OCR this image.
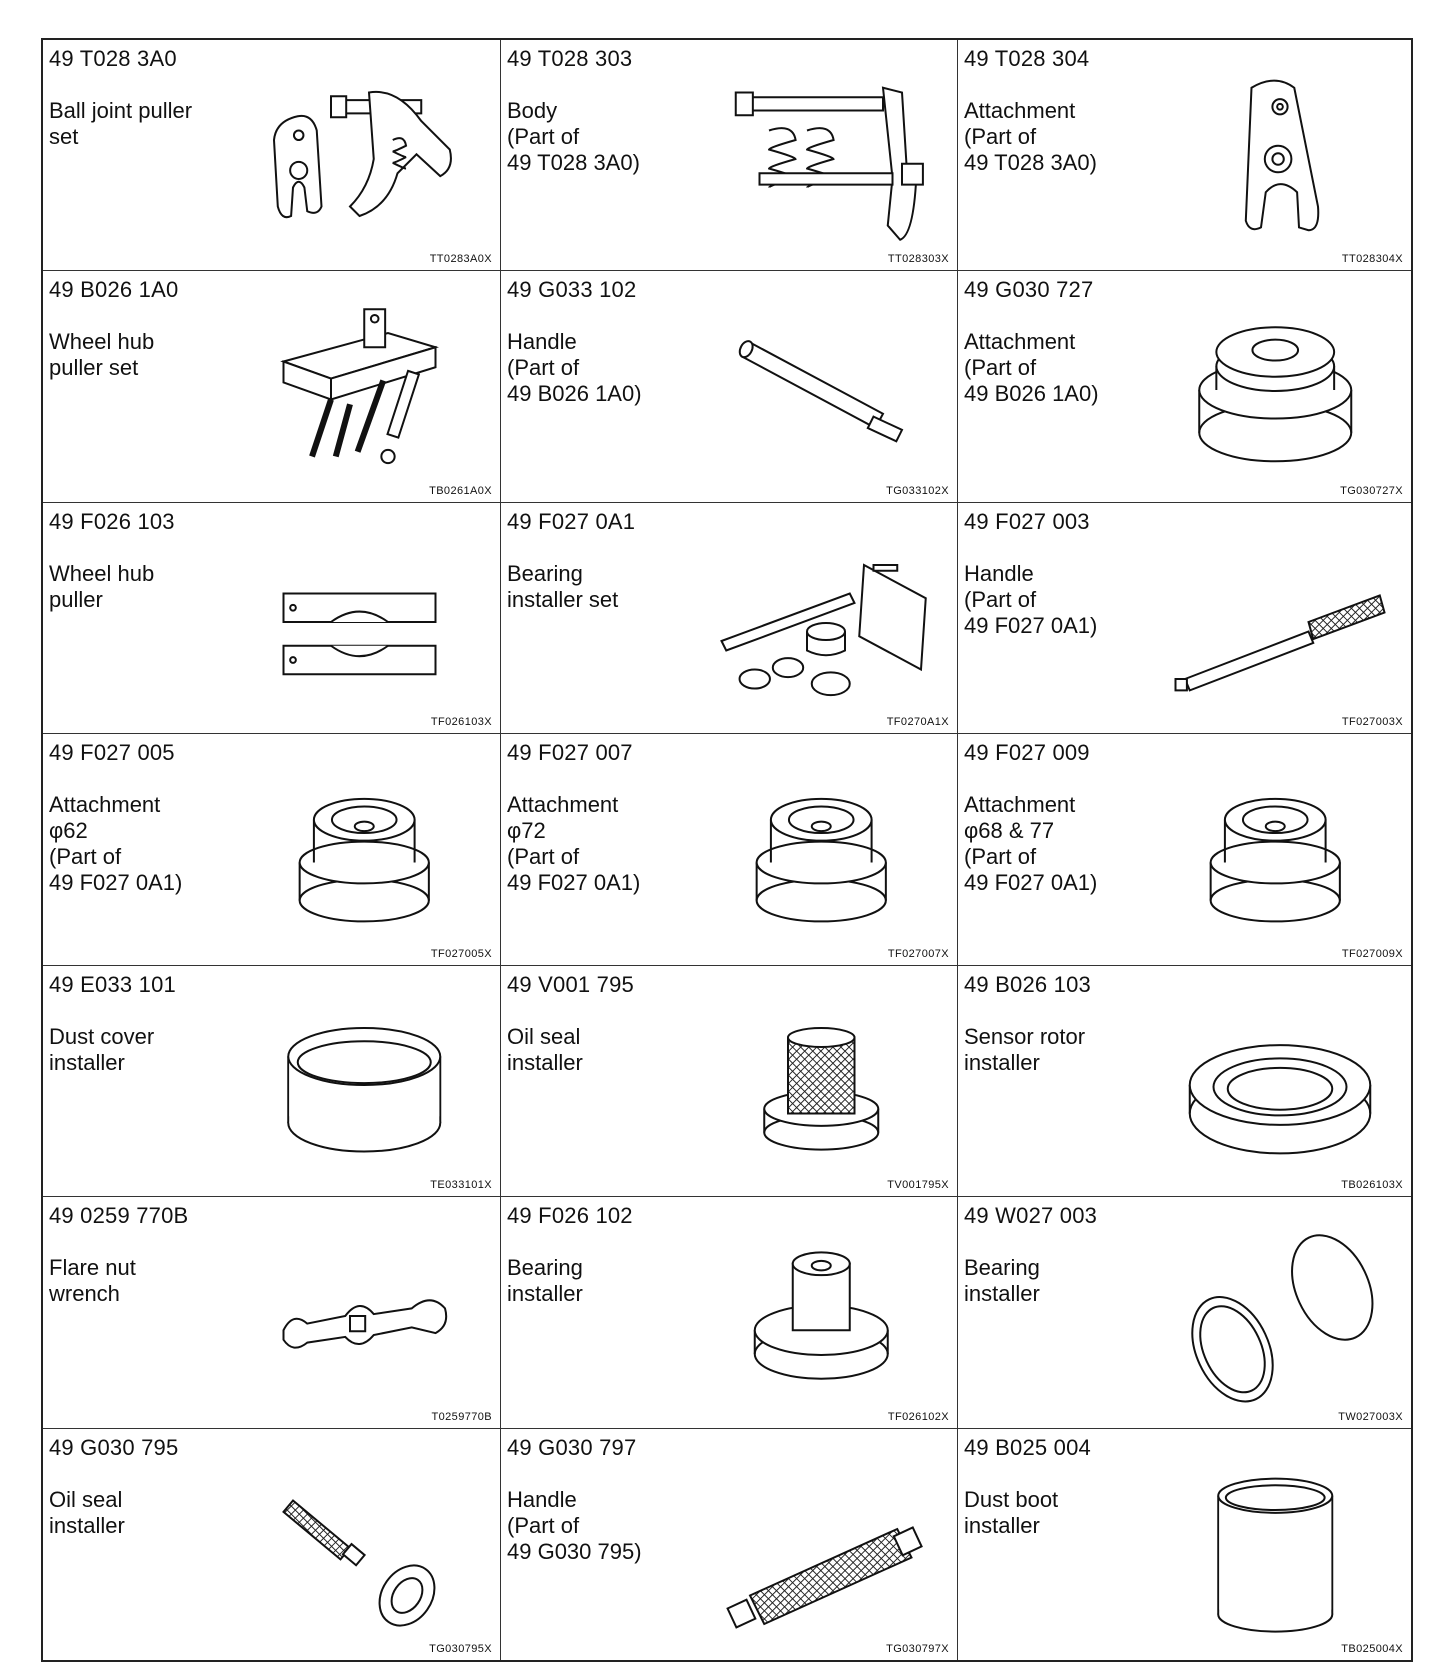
49 T028 3A0
Ball joint puller
set
TT0283A0X
49 T028 303
Body
(Part of
49 T028 3A0)
TT028303X
49 T028 304
Attachment
(Part of
49 T028 3A0)
TT028304X
49 B026 1A0
Wheel hub
puller set
TB0261A0X
49 G033 102
Handle
(Part of
49 B026 1A0)
TG033102X
49 G030 727
Attachment
(Part of
49 B026 1A0)
TG030727X
49 F026 103
Wheel hub
puller
TF026103X
49 F027 0A1
Bearing
installer set
TF0270A1X
49 F027 003
Handle
(Part of
49 F027 0A1)
TF027003X
49 F027 005
Attachment
φ62
(Part of
49 F027 0A1)
TF027005X
49 F027 007
Attachment
φ72
(Part of
49 F027 0A1)
TF027007X
49 F027 009
Attachment
φ68 & 77
(Part of
49 F027 0A1)
TF027009X
49 E033 101
Dust cover
installer
TE033101X
49 V001 795
Oil seal
installer
TV001795X
49 B026 103
Sensor rotor
installer
TB026103X
49 0259 770B
Flare nut
wrench
T0259770B
49 F026 102
Bearing
installer
TF026102X
49 W027 003
Bearing
installer
TW027003X
49 G030 795
Oil seal
installer
TG030795X
49 G030 797
Handle
(Part of
49 G030 795)
TG030797X
49 B025 004
Dust boot
installer
TB025004X
